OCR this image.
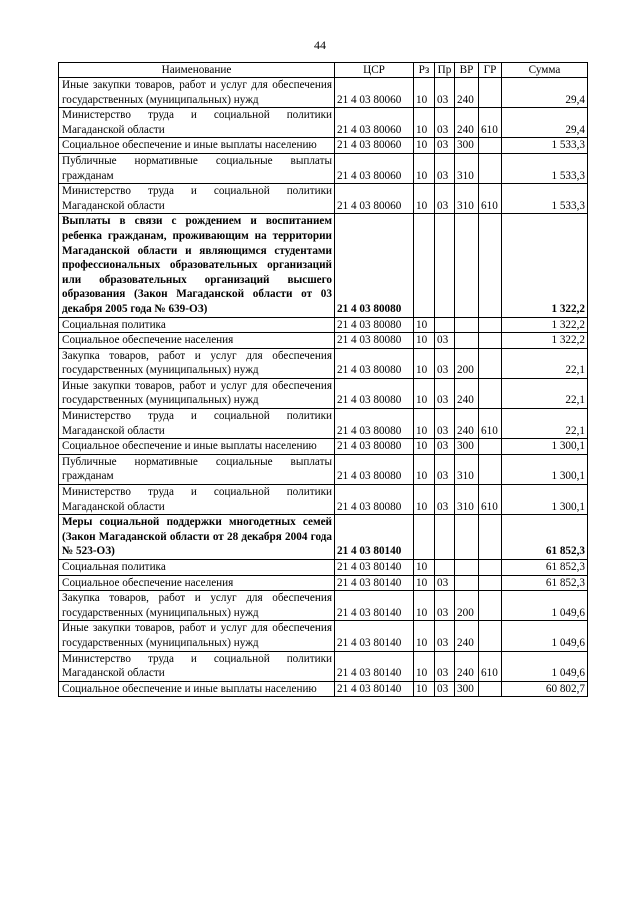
44
Наименование	ЦСР	Рз	Пр	ВР	ГР	Сумма
Иные закупки товаров, работ и услуг для обеспечения государственных (муниципальных) нужд	21 4 03 80060	10	03	240		29,4
Министерство труда и социальной политики Магаданской области	21 4 03 80060	10	03	240	610	29,4
Социальное обеспечение и иные выплаты населению	21 4 03 80060	10	03	300		1 533,3
Публичные нормативные социальные выплаты гражданам	21 4 03 80060	10	03	310		1 533,3
Министерство труда и социальной политики Магаданской области	21 4 03 80060	10	03	310	610	1 533,3
Выплаты в связи с рождением и воспитанием ребенка гражданам, проживающим на территории Магаданской области и являющимся студентами профессиональных образовательных организаций или образовательных организаций высшего образования (Закон Магаданской области от 03 декабря 2005 года № 639-ОЗ)	21 4 03 80080					1 322,2
Социальная политика	21 4 03 80080	10				1 322,2
Социальное обеспечение населения	21 4 03 80080	10	03			1 322,2
Закупка товаров, работ и услуг для обеспечения государственных (муниципальных) нужд	21 4 03 80080	10	03	200		22,1
Иные закупки товаров, работ и услуг для обеспечения государственных (муниципальных) нужд	21 4 03 80080	10	03	240		22,1
Министерство труда и социальной политики Магаданской области	21 4 03 80080	10	03	240	610	22,1
Социальное обеспечение и иные выплаты населению	21 4 03 80080	10	03	300		1 300,1
Публичные нормативные социальные выплаты гражданам	21 4 03 80080	10	03	310		1 300,1
Министерство труда и социальной политики Магаданской области	21 4 03 80080	10	03	310	610	1 300,1
Меры социальной поддержки многодетных семей (Закон Магаданской области от 28 декабря 2004 года № 523-ОЗ)	21 4 03 80140					61 852,3
Социальная политика	21 4 03 80140	10				61 852,3
Социальное обеспечение населения	21 4 03 80140	10	03			61 852,3
Закупка товаров, работ и услуг для обеспечения государственных (муниципальных) нужд	21 4 03 80140	10	03	200		1 049,6
Иные закупки товаров, работ и услуг для обеспечения государственных (муниципальных) нужд	21 4 03 80140	10	03	240		1 049,6
Министерство труда и социальной политики Магаданской области	21 4 03 80140	10	03	240	610	1 049,6
Социальное обеспечение и иные выплаты населению	21 4 03 80140	10	03	300		60 802,7
